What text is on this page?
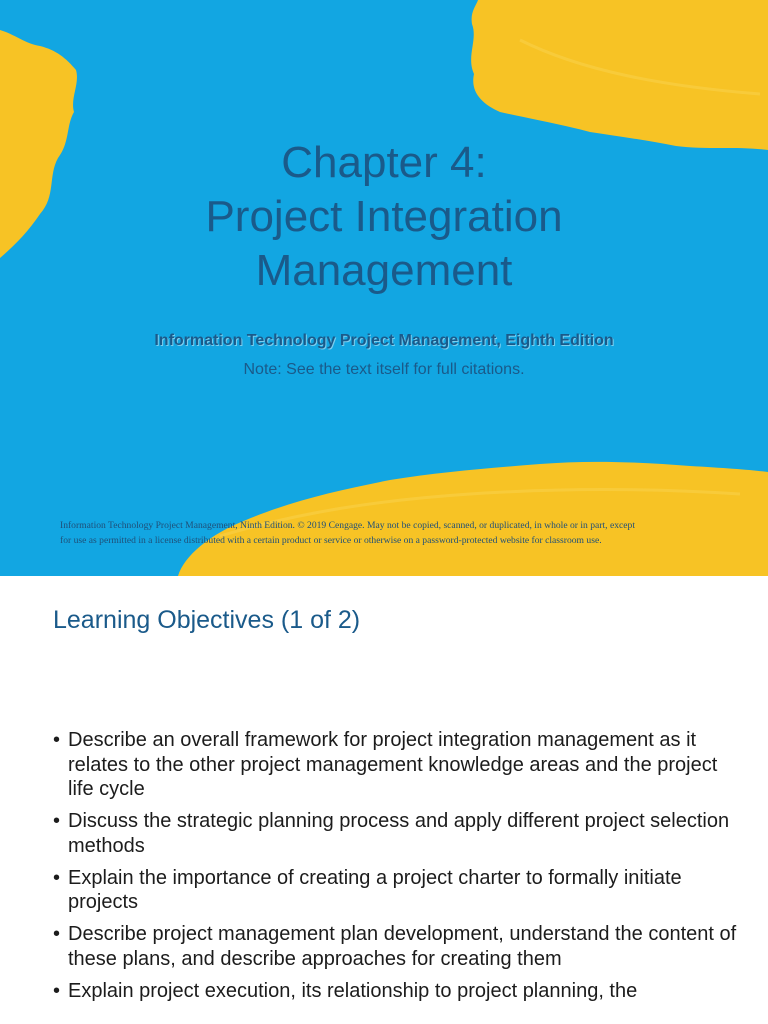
Chapter 4:
Project Integration
Management
Information Technology Project Management, Eighth Edition
Note: See the text itself for full citations.
Information Technology Project Management, Ninth Edition. © 2019 Cengage. May not be copied, scanned, or duplicated, in whole or in part, except
for use as permitted in a license distributed with a certain product or service or otherwise on a password-protected website for classroom use.
Learning Objectives (1 of 2)
• Describe an overall framework for project integration management as it relates to the other project management knowledge areas and the project life cycle
• Discuss the strategic planning process and apply different project selection methods
• Explain the importance of creating a project charter to formally initiate projects
• Describe project management plan development, understand the content of these plans, and describe approaches for creating them
• Explain project execution, its relationship to project planning, the
